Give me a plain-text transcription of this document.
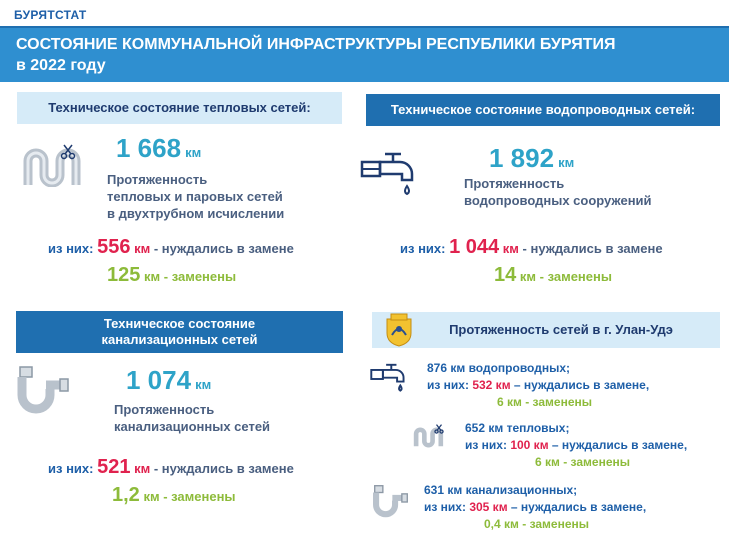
БУРЯТСТАТ
СОСТОЯНИЕ КОММУНАЛЬНОЙ ИНФРАСТРУКТУРЫ РЕСПУБЛИКИ БУРЯТИЯ
в 2022 году
Техническое состояние тепловых сетей:
1 668 км
Протяженность
тепловых и паровых сетей
в двухтрубном исчислении
из них: 556 км - нуждались в замене
125 км - заменены
Техническое состояние водопроводных сетей:
1 892 км
Протяженность
водопроводных сооружений
из них: 1 044 км - нуждались в замене
14 км - заменены
Техническое состояние
канализационных сетей
1 074 км
Протяженность
канализационных сетей
из них: 521 км - нуждались в замене
1,2 км - заменены
Протяженность сетей в г. Улан-Удэ
876 км водопроводных;
из них: 532 км – нуждались в замене,
6 км - заменены
652 км тепловых;
из них: 100 км – нуждались в замене,
6 км - заменены
631 км канализационных;
из них: 305 км – нуждались в замене,
0,4 км - заменены
